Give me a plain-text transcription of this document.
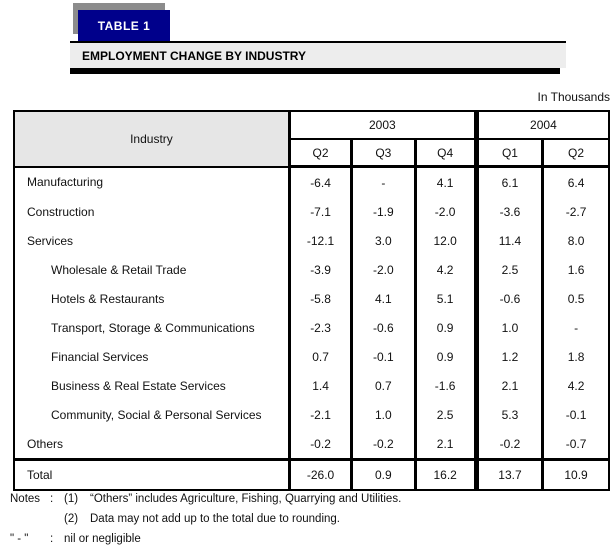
TABLE 1
EMPLOYMENT CHANGE BY INDUSTRY
In Thousands
Industry	2003			2004	
	Q2	Q3	Q4	Q1	Q2
Manufacturing	-6.4	-	4.1	6.1	6.4
Construction	-7.1	-1.9	-2.0	-3.6	-2.7
Services	-12.1	3.0	12.0	11.4	8.0
Wholesale & Retail Trade	-3.9	-2.0	4.2	2.5	1.6
Hotels & Restaurants	-5.8	4.1	5.1	-0.6	0.5
Transport, Storage & Communications	-2.3	-0.6	0.9	1.0	-
Financial Services	0.7	-0.1	0.9	1.2	1.8
Business & Real Estate Services	1.4	0.7	-1.6	2.1	4.2
Community, Social & Personal Services	-2.1	1.0	2.5	5.3	-0.1
Others	-0.2	-0.2	2.1	-0.2	-0.7
Total	-26.0	0.9	16.2	13.7	10.9
Notes : (1) “Others” includes Agriculture, Fishing, Quarrying and Utilities.
(2) Data may not add up to the total due to rounding.
" - "	: nil or negligible
